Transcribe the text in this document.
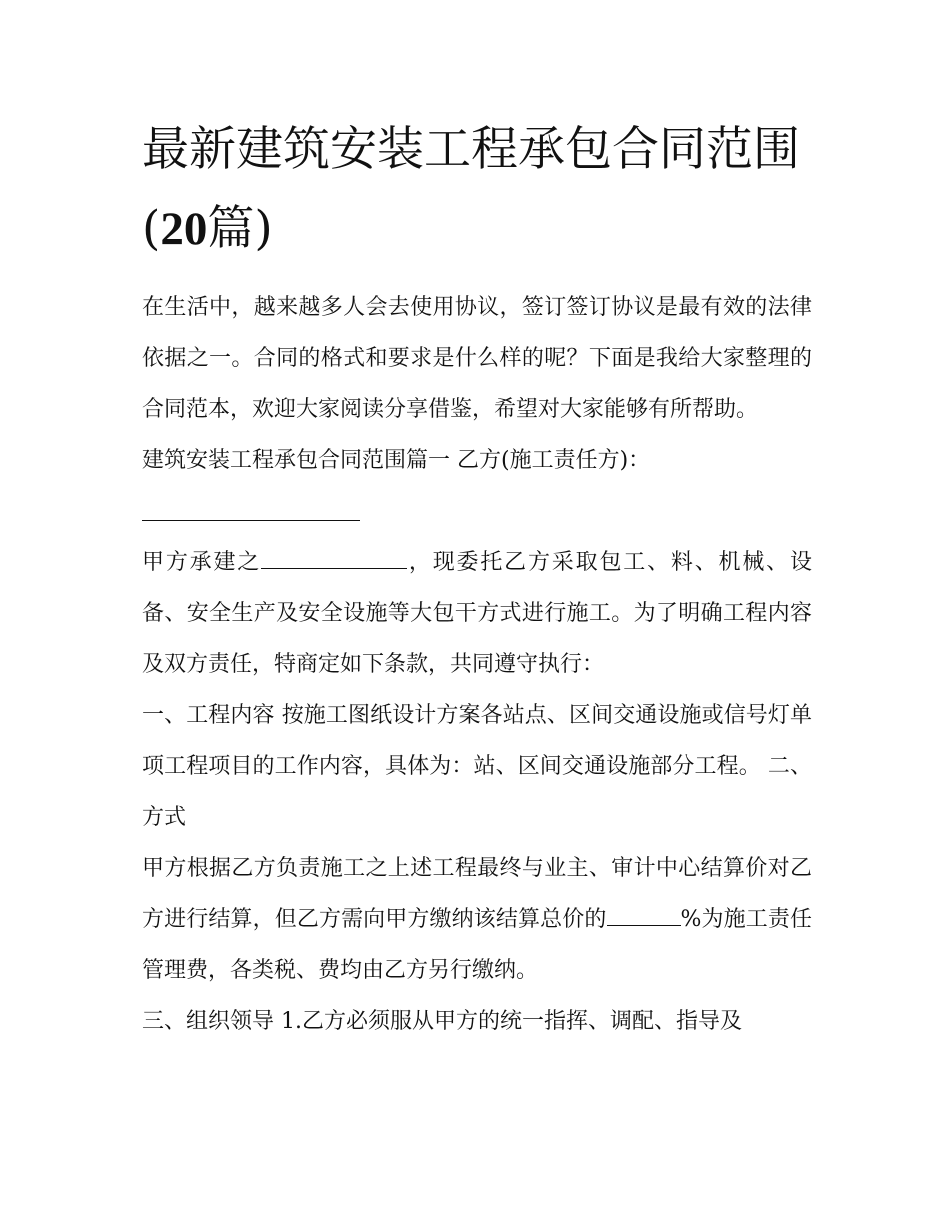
最新建筑安装工程承包合同范围(20篇)

在生活中，越来越多人会去使用协议，签订签订协议是最有效的法律依据之一。合同的格式和要求是什么样的呢？下面是我给大家整理的合同范本，欢迎大家阅读分享借鉴，希望对大家能够有所帮助。

建筑安装工程承包合同范围篇一 乙方(施工责任方)：

甲方承建之	，现委托乙方采取包工、料、机械、设备、安全生产及安全设施等大包干方式进行施工。为了明确工程内容及双方责任，特商定如下条款，共同遵守执行：

一、工程内容 按施工图纸设计方案各站点、区间交通设施或信号灯单项工程项目的工作内容，具体为：站、区间交通设施部分工程。 二、方式

甲方根据乙方负责施工之上述工程最终与业主、审计中心结算价对乙方进行结算，但乙方需向甲方缴纳该结算总价的	%为施工责任管理费，各类税、费均由乙方另行缴纳。

三、组织领导 1.乙方必须服从甲方的统一指挥、调配、指导及
